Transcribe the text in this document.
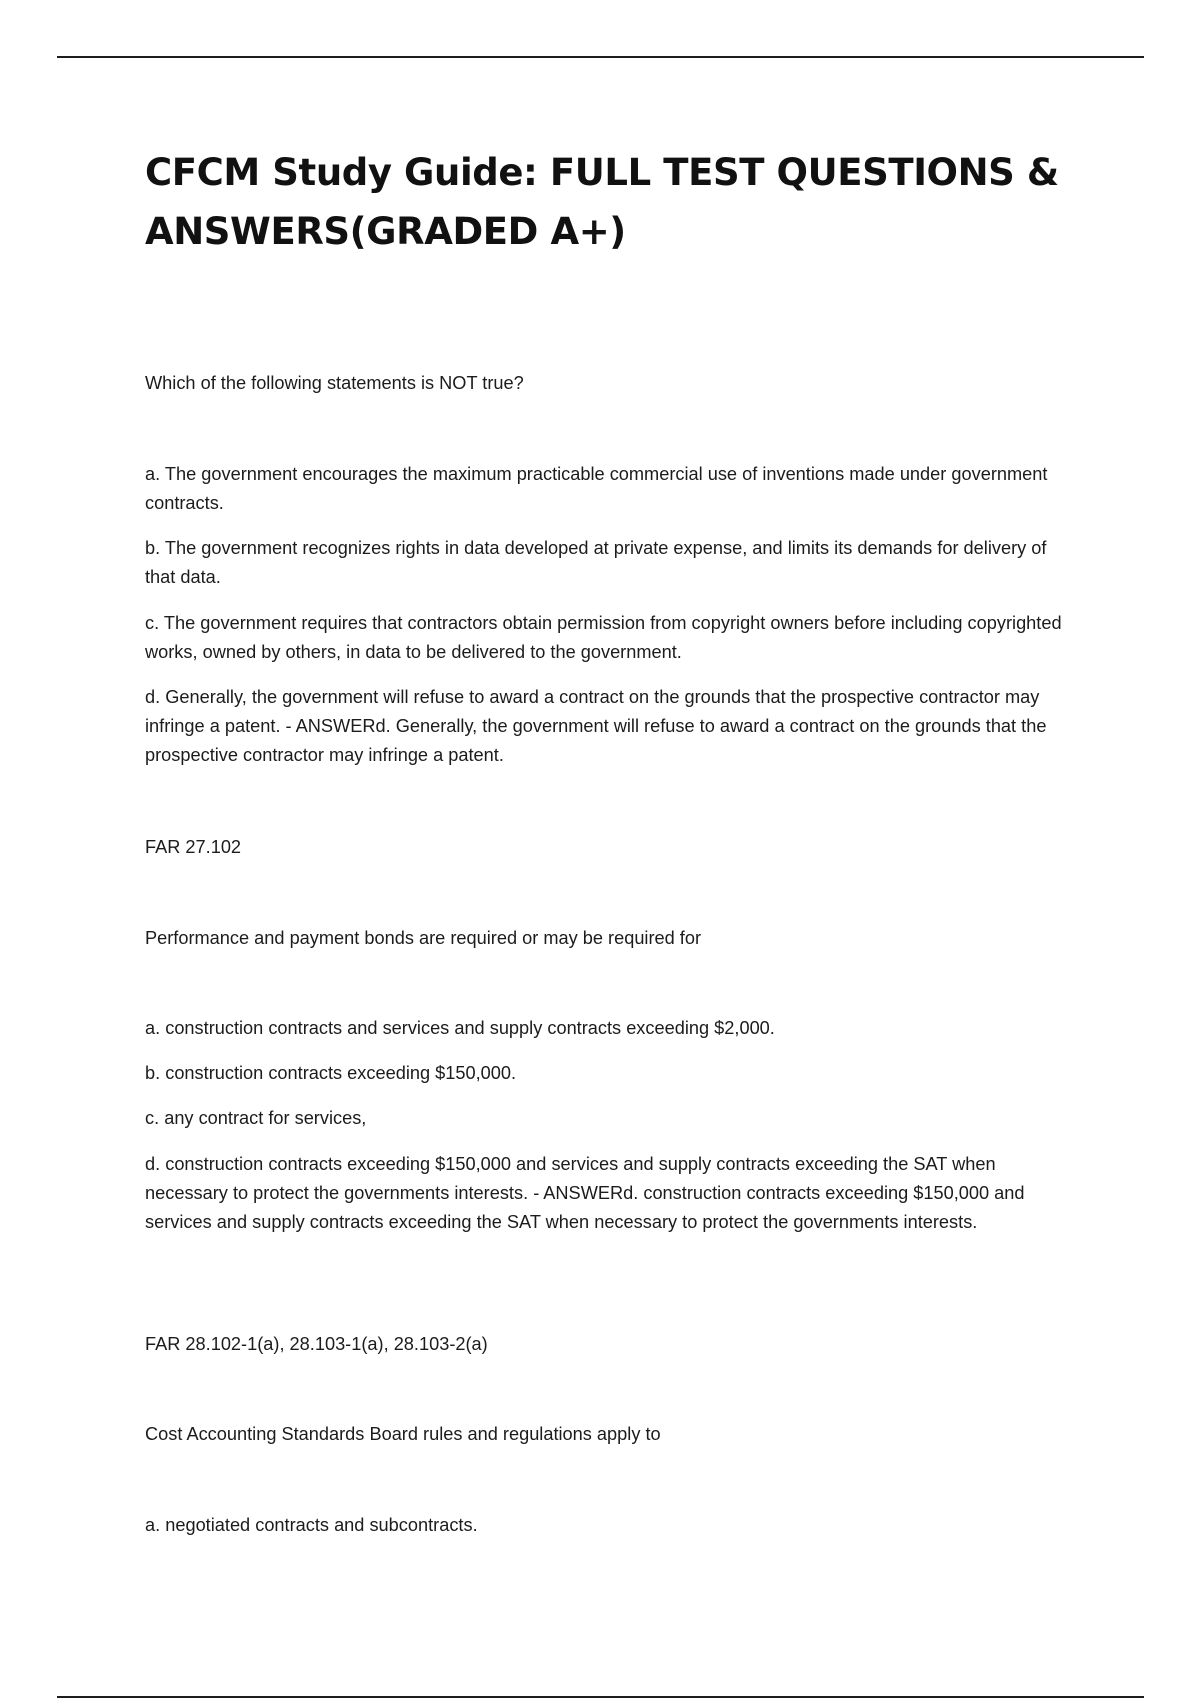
CFCM Study Guide: FULL TEST QUESTIONS & ANSWERS(GRADED A+)

Which of the following statements is NOT true?

a. The government encourages the maximum practicable commercial use of inventions made under government contracts.

b. The government recognizes rights in data developed at private expense, and limits its demands for delivery of that data.

c. The government requires that contractors obtain permission from copyright owners before including copyrighted works, owned by others, in data to be delivered to the government.

d. Generally, the government will refuse to award a contract on the grounds that the prospective contractor may infringe a patent. - ANSWERd. Generally, the government will refuse to award a contract on the grounds that the prospective contractor may infringe a patent.

FAR 27.102

Performance and payment bonds are required or may be required for

a. construction contracts and services and supply contracts exceeding $2,000.

b. construction contracts exceeding $150,000.

c. any contract for services,

d. construction contracts exceeding $150,000 and services and supply contracts exceeding the SAT when necessary to protect the governments interests. - ANSWERd. construction contracts exceeding $150,000 and services and supply contracts exceeding the SAT when necessary to protect the governments interests.

FAR 28.102-1(a), 28.103-1(a), 28.103-2(a)

Cost Accounting Standards Board rules and regulations apply to

a. negotiated contracts and subcontracts.
